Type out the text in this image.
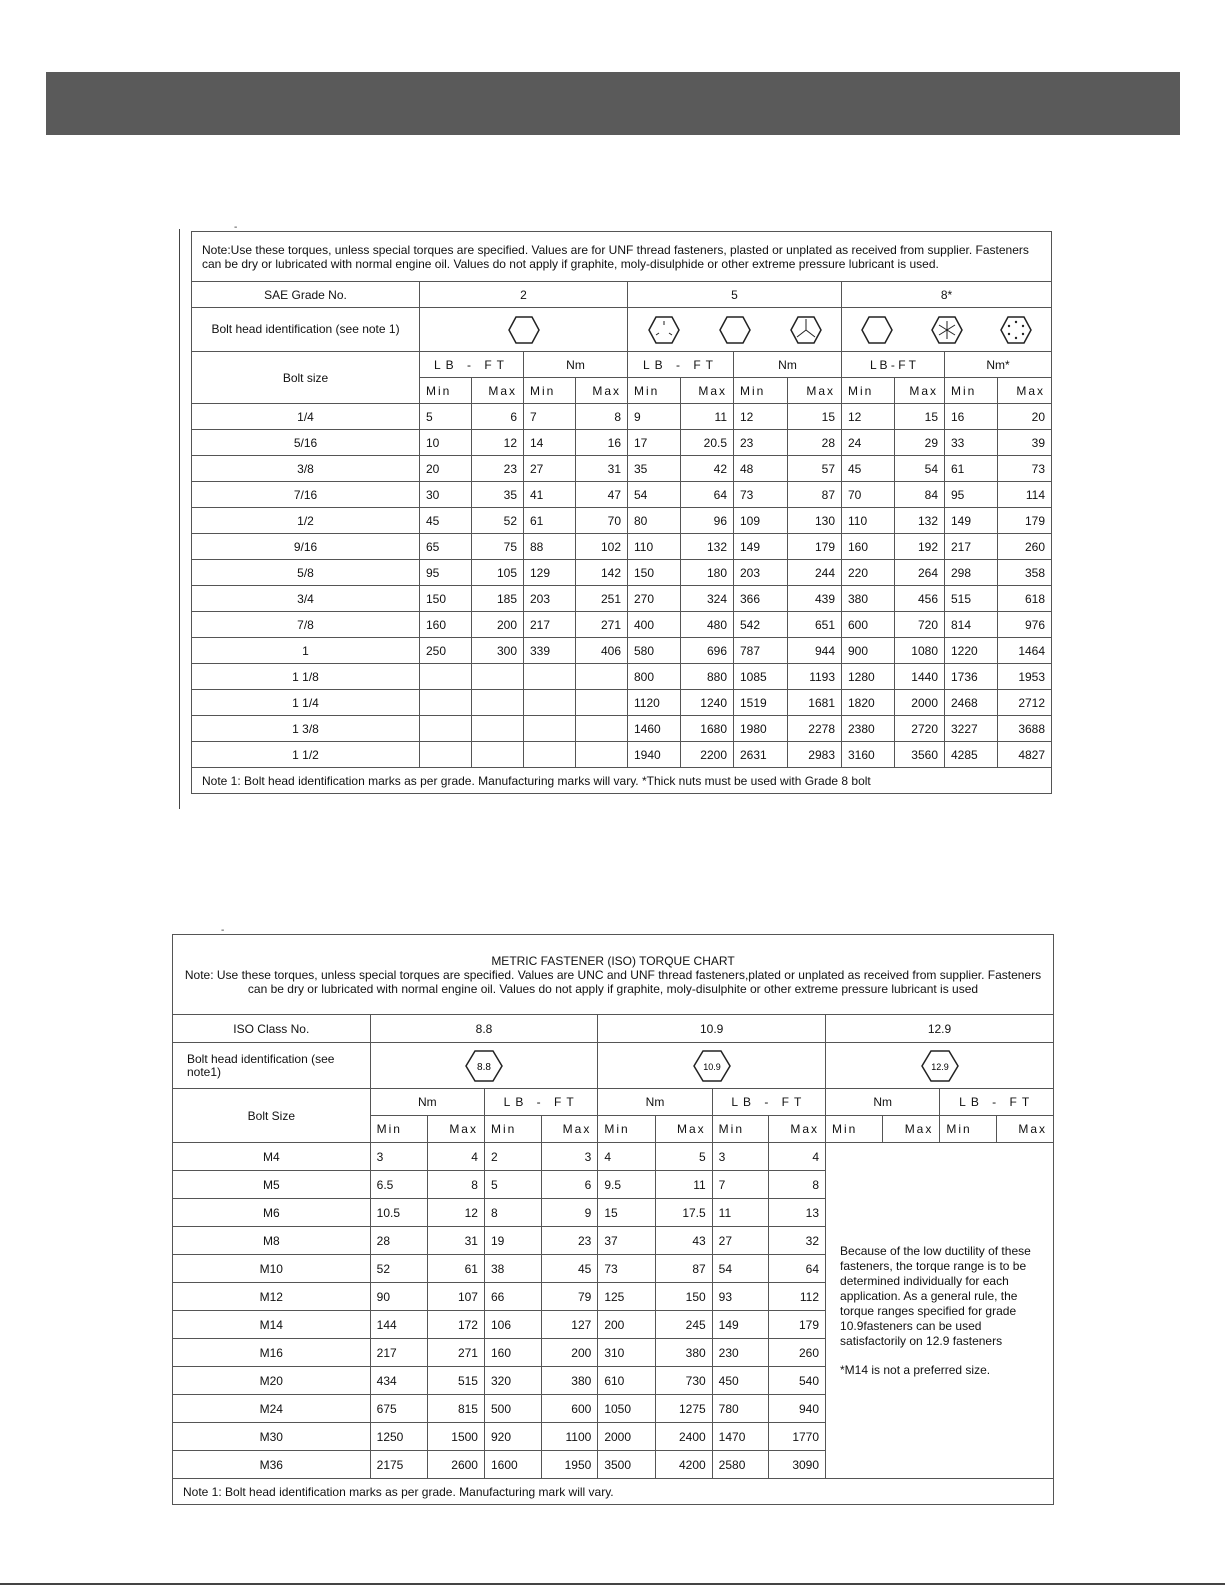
-
-
Note:Use these torques, unless special torques are specified. Values are for UNF thread fasteners, plasted or unplated as received from supplier. Fasteners can be dry or lubricated with normal engine oil. Values do not apply if graphite, moly-disulphide or other extreme pressure lubricant is used.												
SAE Grade No.	2				5				8*			
Bolt head identification (see note 1)	

Bolt size	LB - FT		Nm		LB - FT		Nm		L B - F T		Nm*	
	Min	Max	Min	Max	Min	Max	Min	Max	Min	Max	Min	Max
1/4	5	6	7	8	9	11	12	15	12	15	16	20
5/16	10	12	14	16	17	20.5	23	28	24	29	33	39
3/8	20	23	27	31	35	42	48	57	45	54	61	73
7/16	30	35	41	47	54	64	73	87	70	84	95	114
1/2	45	52	61	70	80	96	109	130	110	132	149	179
9/16	65	75	88	102	110	132	149	179	160	192	217	260
5/8	95	105	129	142	150	180	203	244	220	264	298	358
3/4	150	185	203	251	270	324	366	439	380	456	515	618
7/8	160	200	217	271	400	480	542	651	600	720	814	976
1	250	300	339	406	580	696	787	944	900	1080	1220	1464
1 1/8					800	880	1085	1193	1280	1440	1736	1953
1 1/4					1120	1240	1519	1681	1820	2000	2468	2712
1 3/8					1460	1680	1980	2278	2380	2720	3227	3688
1 1/2					1940	2200	2631	2983	3160	3560	4285	4827
Note 1: Bolt head identification marks as per grade. Manufacturing marks will vary. *Thick nuts must be used with Grade 8 bolt												
METRIC FASTENER (ISO) TORQUE CHART
Note: Use these torques, unless special torques are specified. Values are UNC and UNF thread fasteners,plated or unplated as received from supplier. Fasteners can be dry or lubricated with normal engine oil. Values do not apply if graphite, moly-disulphite or other extreme pressure lubricant is used												

ISO Class No.	8.8				10.9				12.9			
Bolt head identification (see note1)	8.8				10.9				12.9			

Bolt Size	Nm		LB - FT		Nm		LB - FT		Nm		LB - FT	
	Min	Max	Min	Max	Min	Max	Min	Max	Min	Max	Min	Max
M4	3	4	2	3	4	5	3	4	Because of the low ductility of these fasteners, the torque range is to be determined individually for each application. As a general rule, the torque ranges specified for grade 10.9fasteners can be used satisfactorily on 12.9 fasteners

*M14 is not a preferred size.			

M5	6.5	8	5	6	9.5	11	7	8				
M6	10.5	12	8	9	15	17.5	11	13				
M8	28	31	19	23	37	43	27	32				
M10	52	61	38	45	73	87	54	64				
M12	90	107	66	79	125	150	93	112				
M14	144	172	106	127	200	245	149	179				
M16	217	271	160	200	310	380	230	260				
M20	434	515	320	380	610	730	450	540				
M24	675	815	500	600	1050	1275	780	940				
M30	1250	1500	920	1100	2000	2400	1470	1770				
M36	2175	2600	1600	1950	3500	4200	2580	3090				
Note 1: Bolt head identification marks as per grade. Manufacturing mark will vary.												
